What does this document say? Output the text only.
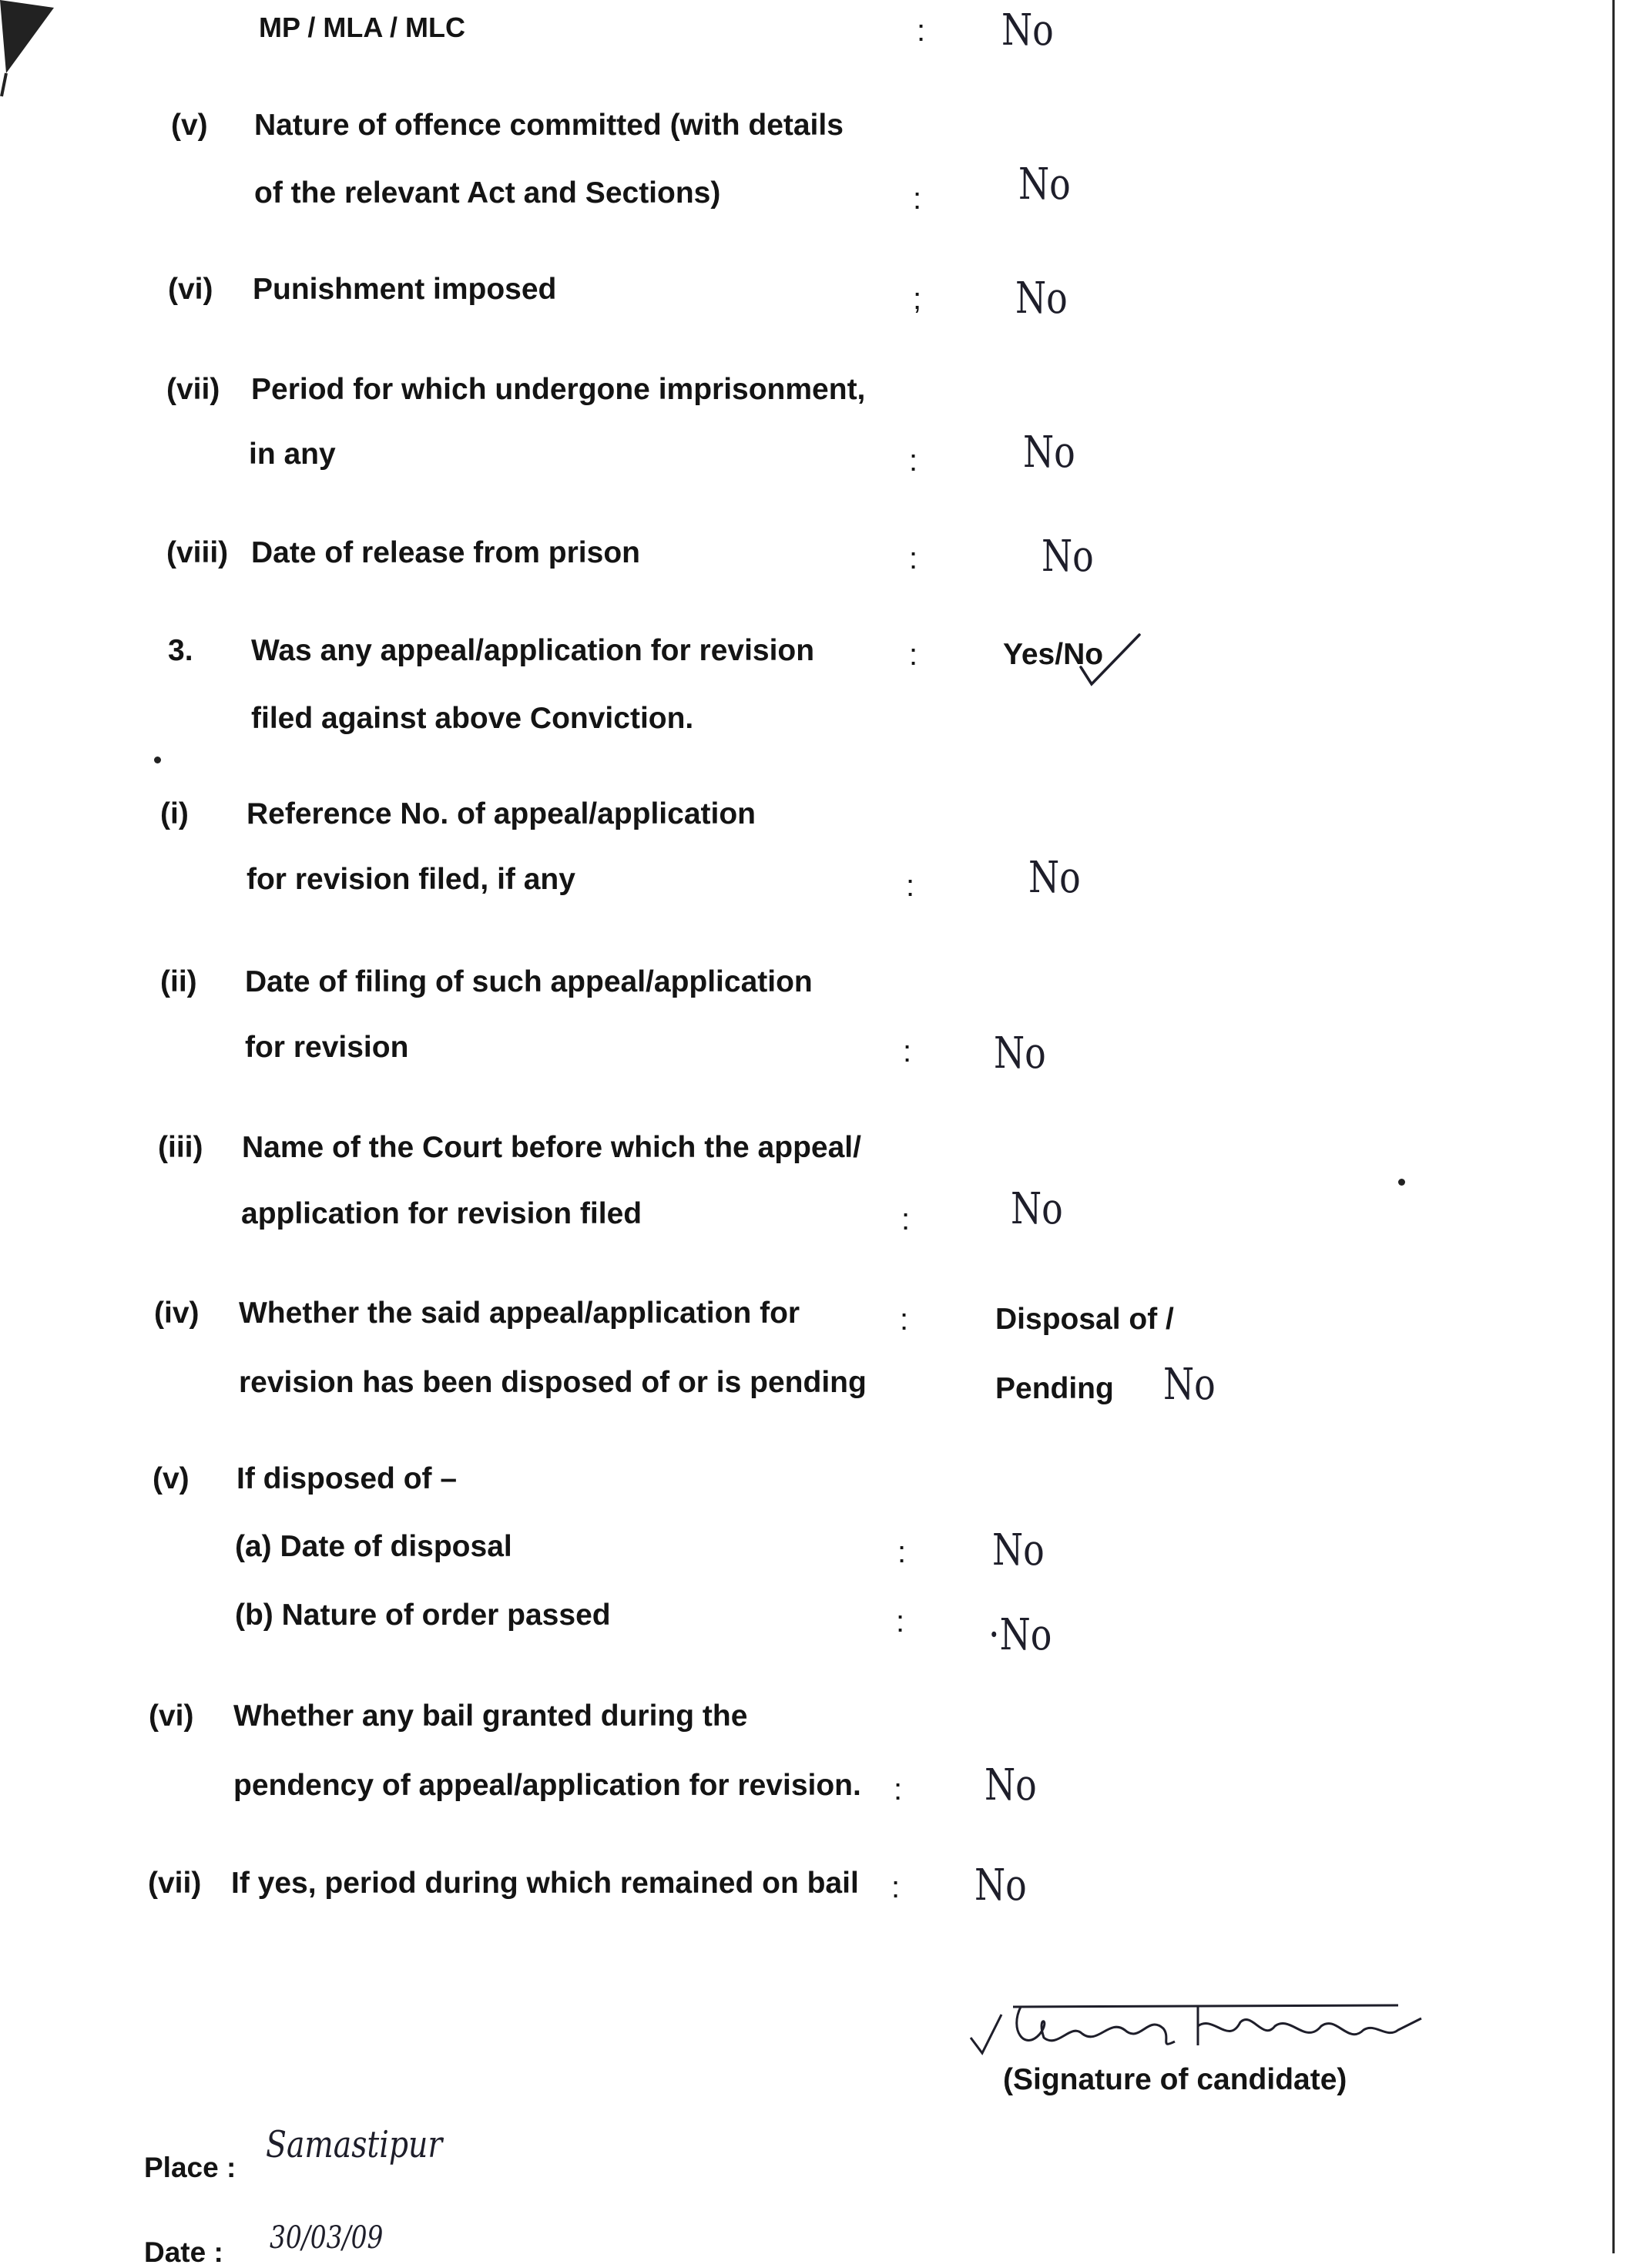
MP / MLA / MLC	: No
(v) Nature of offence committed (with details
of the relevant Act and Sections)	: No
(vi) Punishment imposed	; No
(vii) Period for which undergone imprisonment,
in any	: No
(viii) Date of release from prison	:	No
3. Was any appeal/application for revision
filed against above Conviction.
:	Yes/No
(i) Reference No. of appeal/application
for revision filed, if any	:	No
(ii) Date of filing of such appeal/application
for revision	: No
(iii) Name of the Court before which the appeal/
application for revision filed	: No
(iv) Whether the said appeal/application for
revision has been disposed of or is pending
:	Disposal of /
Pending No
(v) If disposed of –
(a) Date of disposal	: No
(b) Nature of order passed	: ·No
(vi) Whether any bail granted during the
pendency of appeal/application for revision. : No
(vii) If yes, period during which remained on bail : No
(Signature of candidate)
Place :
Samastipur
Date : 30/03/09
